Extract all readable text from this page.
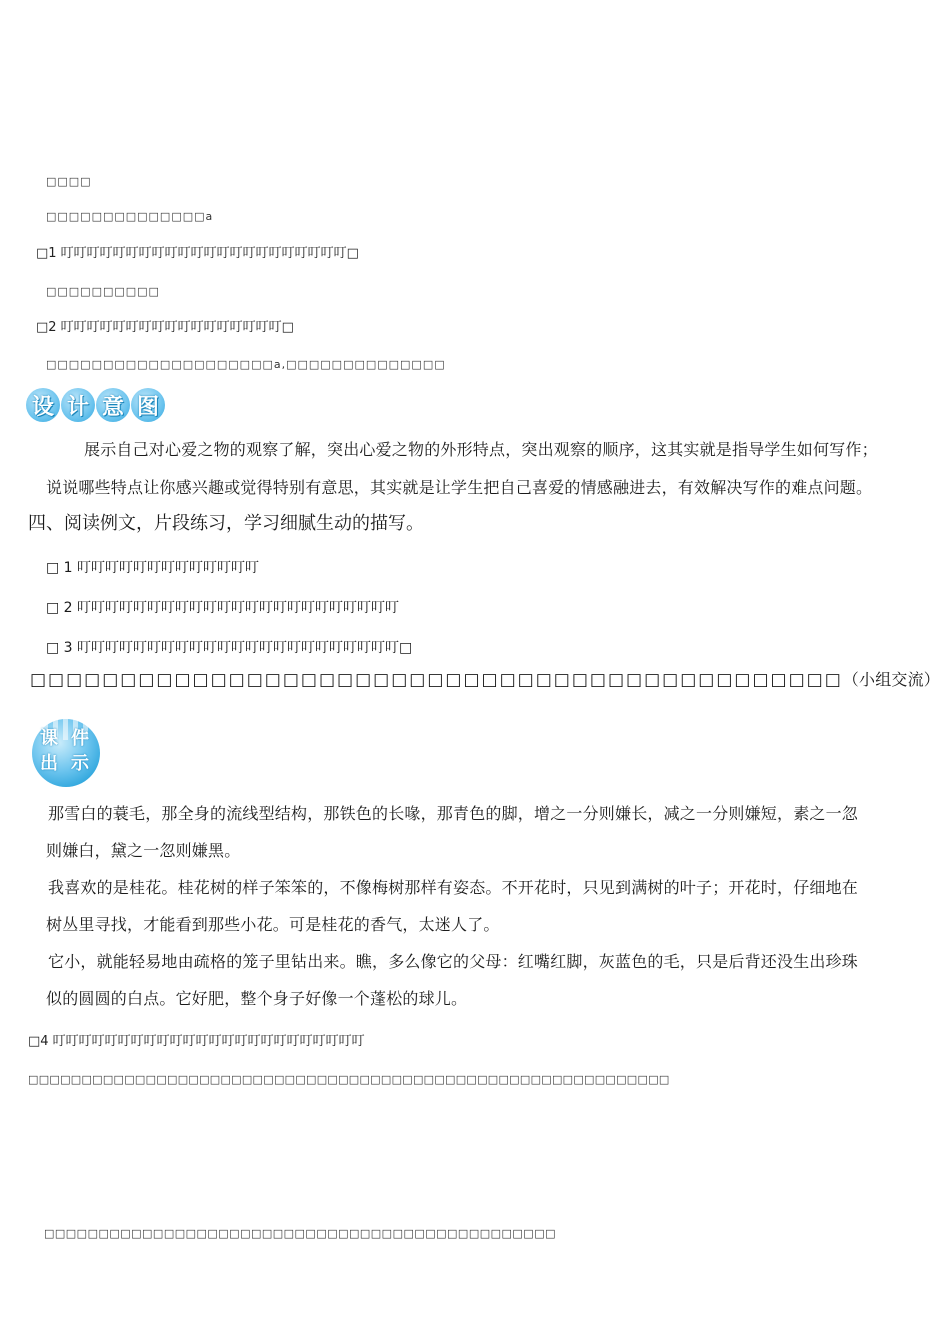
□□□□
□□□□□□□□□□□□□□a
□1 叮叮叮叮叮叮叮叮叮叮叮叮叮叮叮叮叮叮叮叮叮叮□
□□□□□□□□□□
□2 叮叮叮叮叮叮叮叮叮叮叮叮叮叮叮叮叮□
□□□□□□□□□□□□□□□□□□□□a,□□□□□□□□□□□□□□
设 计 意 图
展示自己对心爱之物的观察了解，突出心爱之物的外形特点，突出观察的顺序，这其实就是指导学生如何写作；
说说哪些特点让你感兴趣或觉得特别有意思，其实就是让学生把自己喜爱的情感融进去，有效解决写作的难点问题。
四、阅读例文，片段练习，学习细腻生动的描写。
□ 1 叮叮叮叮叮叮叮叮叮叮叮叮叮
□ 2 叮叮叮叮叮叮叮叮叮叮叮叮叮叮叮叮叮叮叮叮叮叮叮
□ 3 叮叮叮叮叮叮叮叮叮叮叮叮叮叮叮叮叮叮叮叮叮叮叮□
□□□□□□□□□□□□□□□□□□□□□□□□□□□□□□□□□□□□□□□□□□□□□（小组交流）
课 件
出 示
那雪白的蓑毛，那全身的流线型结构，那铁色的长喙，那青色的脚，增之一分则嫌长，减之一分则嫌短，素之一忽
则嫌白，黛之一忽则嫌黑。
我喜欢的是桂花。桂花树的样子笨笨的，不像梅树那样有姿态。不开花时，只见到满树的叶子；开花时，仔细地在
树丛里寻找，才能看到那些小花。可是桂花的香气，太迷人了。
它小，就能轻易地由疏格的笼子里钻出来。瞧，多么像它的父母：红嘴红脚，灰蓝色的毛，只是后背还没生出珍珠
似的圆圆的白点。它好肥，整个身子好像一个蓬松的球儿。
□4 叮叮叮叮叮叮叮叮叮叮叮叮叮叮叮叮叮叮叮叮叮叮叮叮
□□□□□□□□□□□□□□□□□□□□□□□□□□□□□□□□□□□□□□□□□□□□□□□□□□□□□□□□□□□□
□□□□□□□□□□□□□□□□□□□□□□□□□□□□□□□□□□□□□□□□□□□□□□□
